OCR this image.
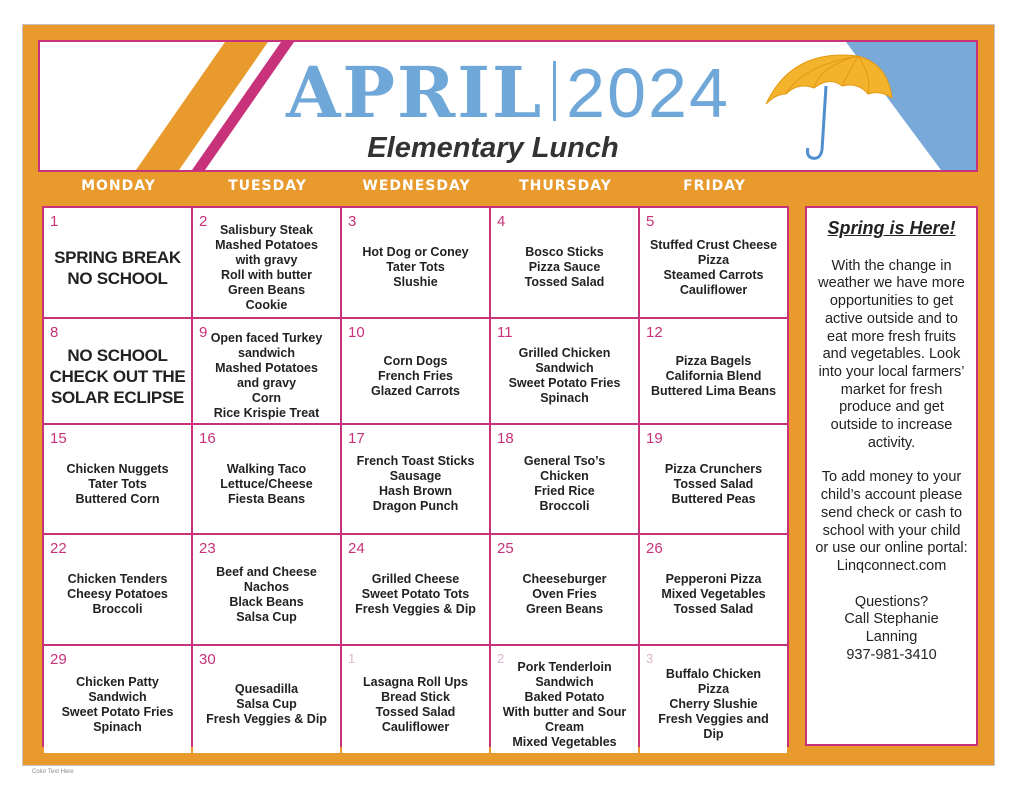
APRIL 2024
Elementary Lunch
MONDAY	TUESDAY	WEDNESDAY	THURSDAY	FRIDAY
1
SPRING BREAK
NO SCHOOL
2 Salisbury Steak
Mashed Potatoes
with gravy
Roll with butter
Green Beans
Cookie
3
Hot Dog or Coney
Tater Tots
Slushie
4
Bosco Sticks
Pizza Sauce
Tossed Salad
5
Stuffed Crust Cheese
Pizza
Steamed Carrots
Cauliflower
8
NO SCHOOL
CHECK OUT THE
SOLAR ECLIPSE
9 Open faced Turkey
sandwich
Mashed Potatoes
and gravy
Corn
Rice Krispie Treat
10
Corn Dogs
French Fries
Glazed Carrots
11
Grilled Chicken
Sandwich
Sweet Potato Fries
Spinach
12
Pizza Bagels
California Blend
Buttered Lima Beans
15
Chicken Nuggets
Tater Tots
Buttered Corn
16
Walking Taco
Lettuce/Cheese
Fiesta Beans
17
French Toast Sticks
Sausage
Hash Brown
Dragon Punch
18
General Tso’s
Chicken
Fried Rice
Broccoli
19
Pizza Crunchers
Tossed Salad
Buttered Peas
22
Chicken Tenders
Cheesy Potatoes
Broccoli
23
Beef and Cheese
Nachos
Black Beans
Salsa Cup
24
Grilled Cheese
Sweet Potato Tots
Fresh Veggies & Dip
25
Cheeseburger
Oven Fries
Green Beans
26
Pepperoni Pizza
Mixed Vegetables
Tossed Salad
29
Chicken Patty
Sandwich
Sweet Potato Fries
Spinach
30
Quesadilla
Salsa Cup
Fresh Veggies & Dip
1
Lasagna Roll Ups
Bread Stick
Tossed Salad
Cauliflower
2
Pork Tenderloin
Sandwich
Baked Potato
With butter and Sour
Cream
Mixed Vegetables
3
Buffalo Chicken
Pizza
Cherry Slushie
Fresh Veggies and
Dip
Spring is Here!

With the change in weather we have more opportunities to get active outside and to eat more fresh fruits and vegetables. Look into your local farmers’ market for fresh produce and get outside to increase activity.

To add money to your child’s account please send check or cash to school with your child or use our online portal: Linqconnect.com

Questions?
Call Stephanie Lanning
937-981-3410
Color Text Here
